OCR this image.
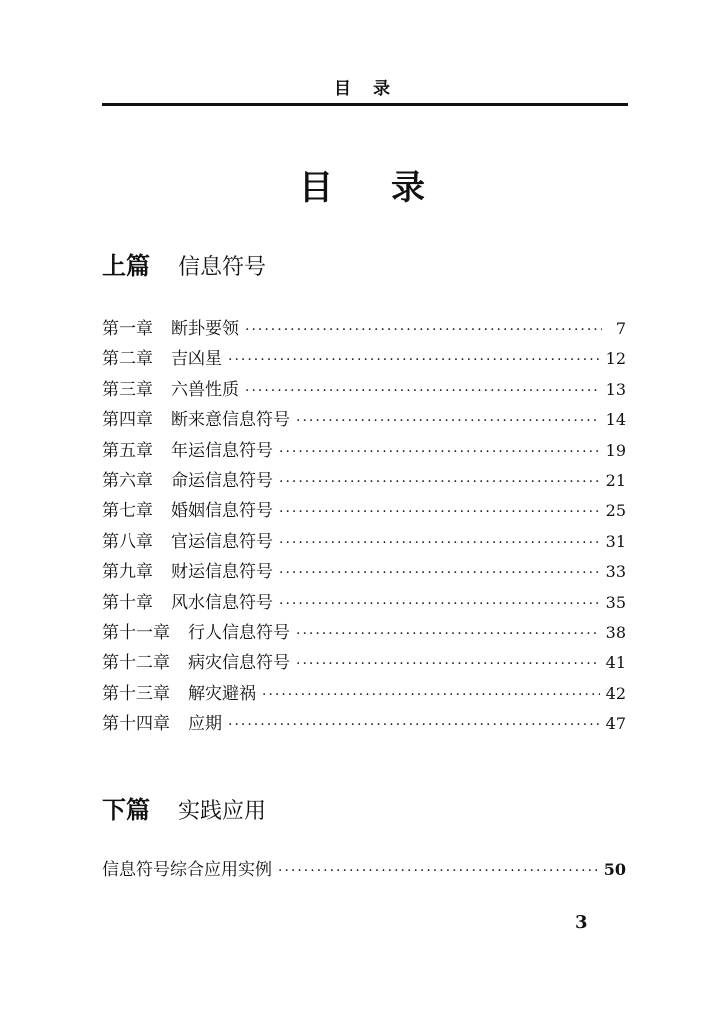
目录
目录
上篇 信息符号
第一章 断卦要领 ·····	7
第二章 吉凶星 ·····	12
第三章 六兽性质 ·····	13
第四章 断来意信息符号 ·····	14
第五章 年运信息符号 ·····	19
第六章 命运信息符号 ·····	21
第七章 婚姻信息符号 ·····	25
第八章 官运信息符号 ·····	31
第九章 财运信息符号 ·····	33
第十章 风水信息符号 ·····	35
第十一章 行人信息符号 ·····	38
第十二章 病灾信息符号 ·····	41
第十三章 解灾避祸 ·····	42
第十四章 应期 ·····	47
下篇 实践应用
信息符号综合应用实例 ·····	50
3
